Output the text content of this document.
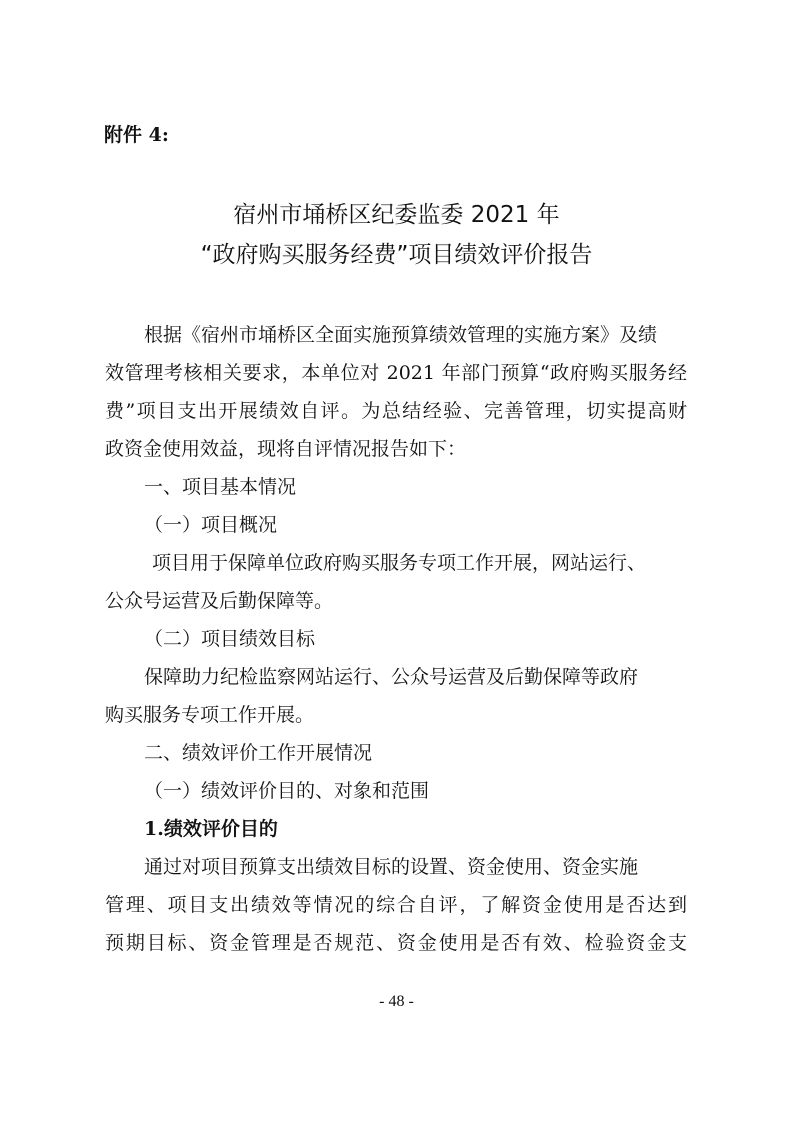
附件 4:
宿州市埇桥区纪委监委 2021 年
“政府购买服务经费”项目绩效评价报告
根据《宿州市埇桥区全面实施预算绩效管理的实施方案》及绩
效管理考核相关要求，本单位对 2021 年部门预算“政府购买服务经
费”项目支出开展绩效自评。为总结经验、完善管理，切实提高财
政资金使用效益，现将自评情况报告如下：
一、项目基本情况
（一）项目概况
项目用于保障单位政府购买服务专项工作开展，网站运行、
公众号运营及后勤保障等。
（二）项目绩效目标
保障助力纪检监察网站运行、公众号运营及后勤保障等政府
购买服务专项工作开展。
二、绩效评价工作开展情况
（一）绩效评价目的、对象和范围
1.绩效评价目的
通过对项目预算支出绩效目标的设置、资金使用、资金实施
管理、项目支出绩效等情况的综合自评，了解资金使用是否达到
预期目标、资金管理是否规范、资金使用是否有效、检验资金支
- 48 -
